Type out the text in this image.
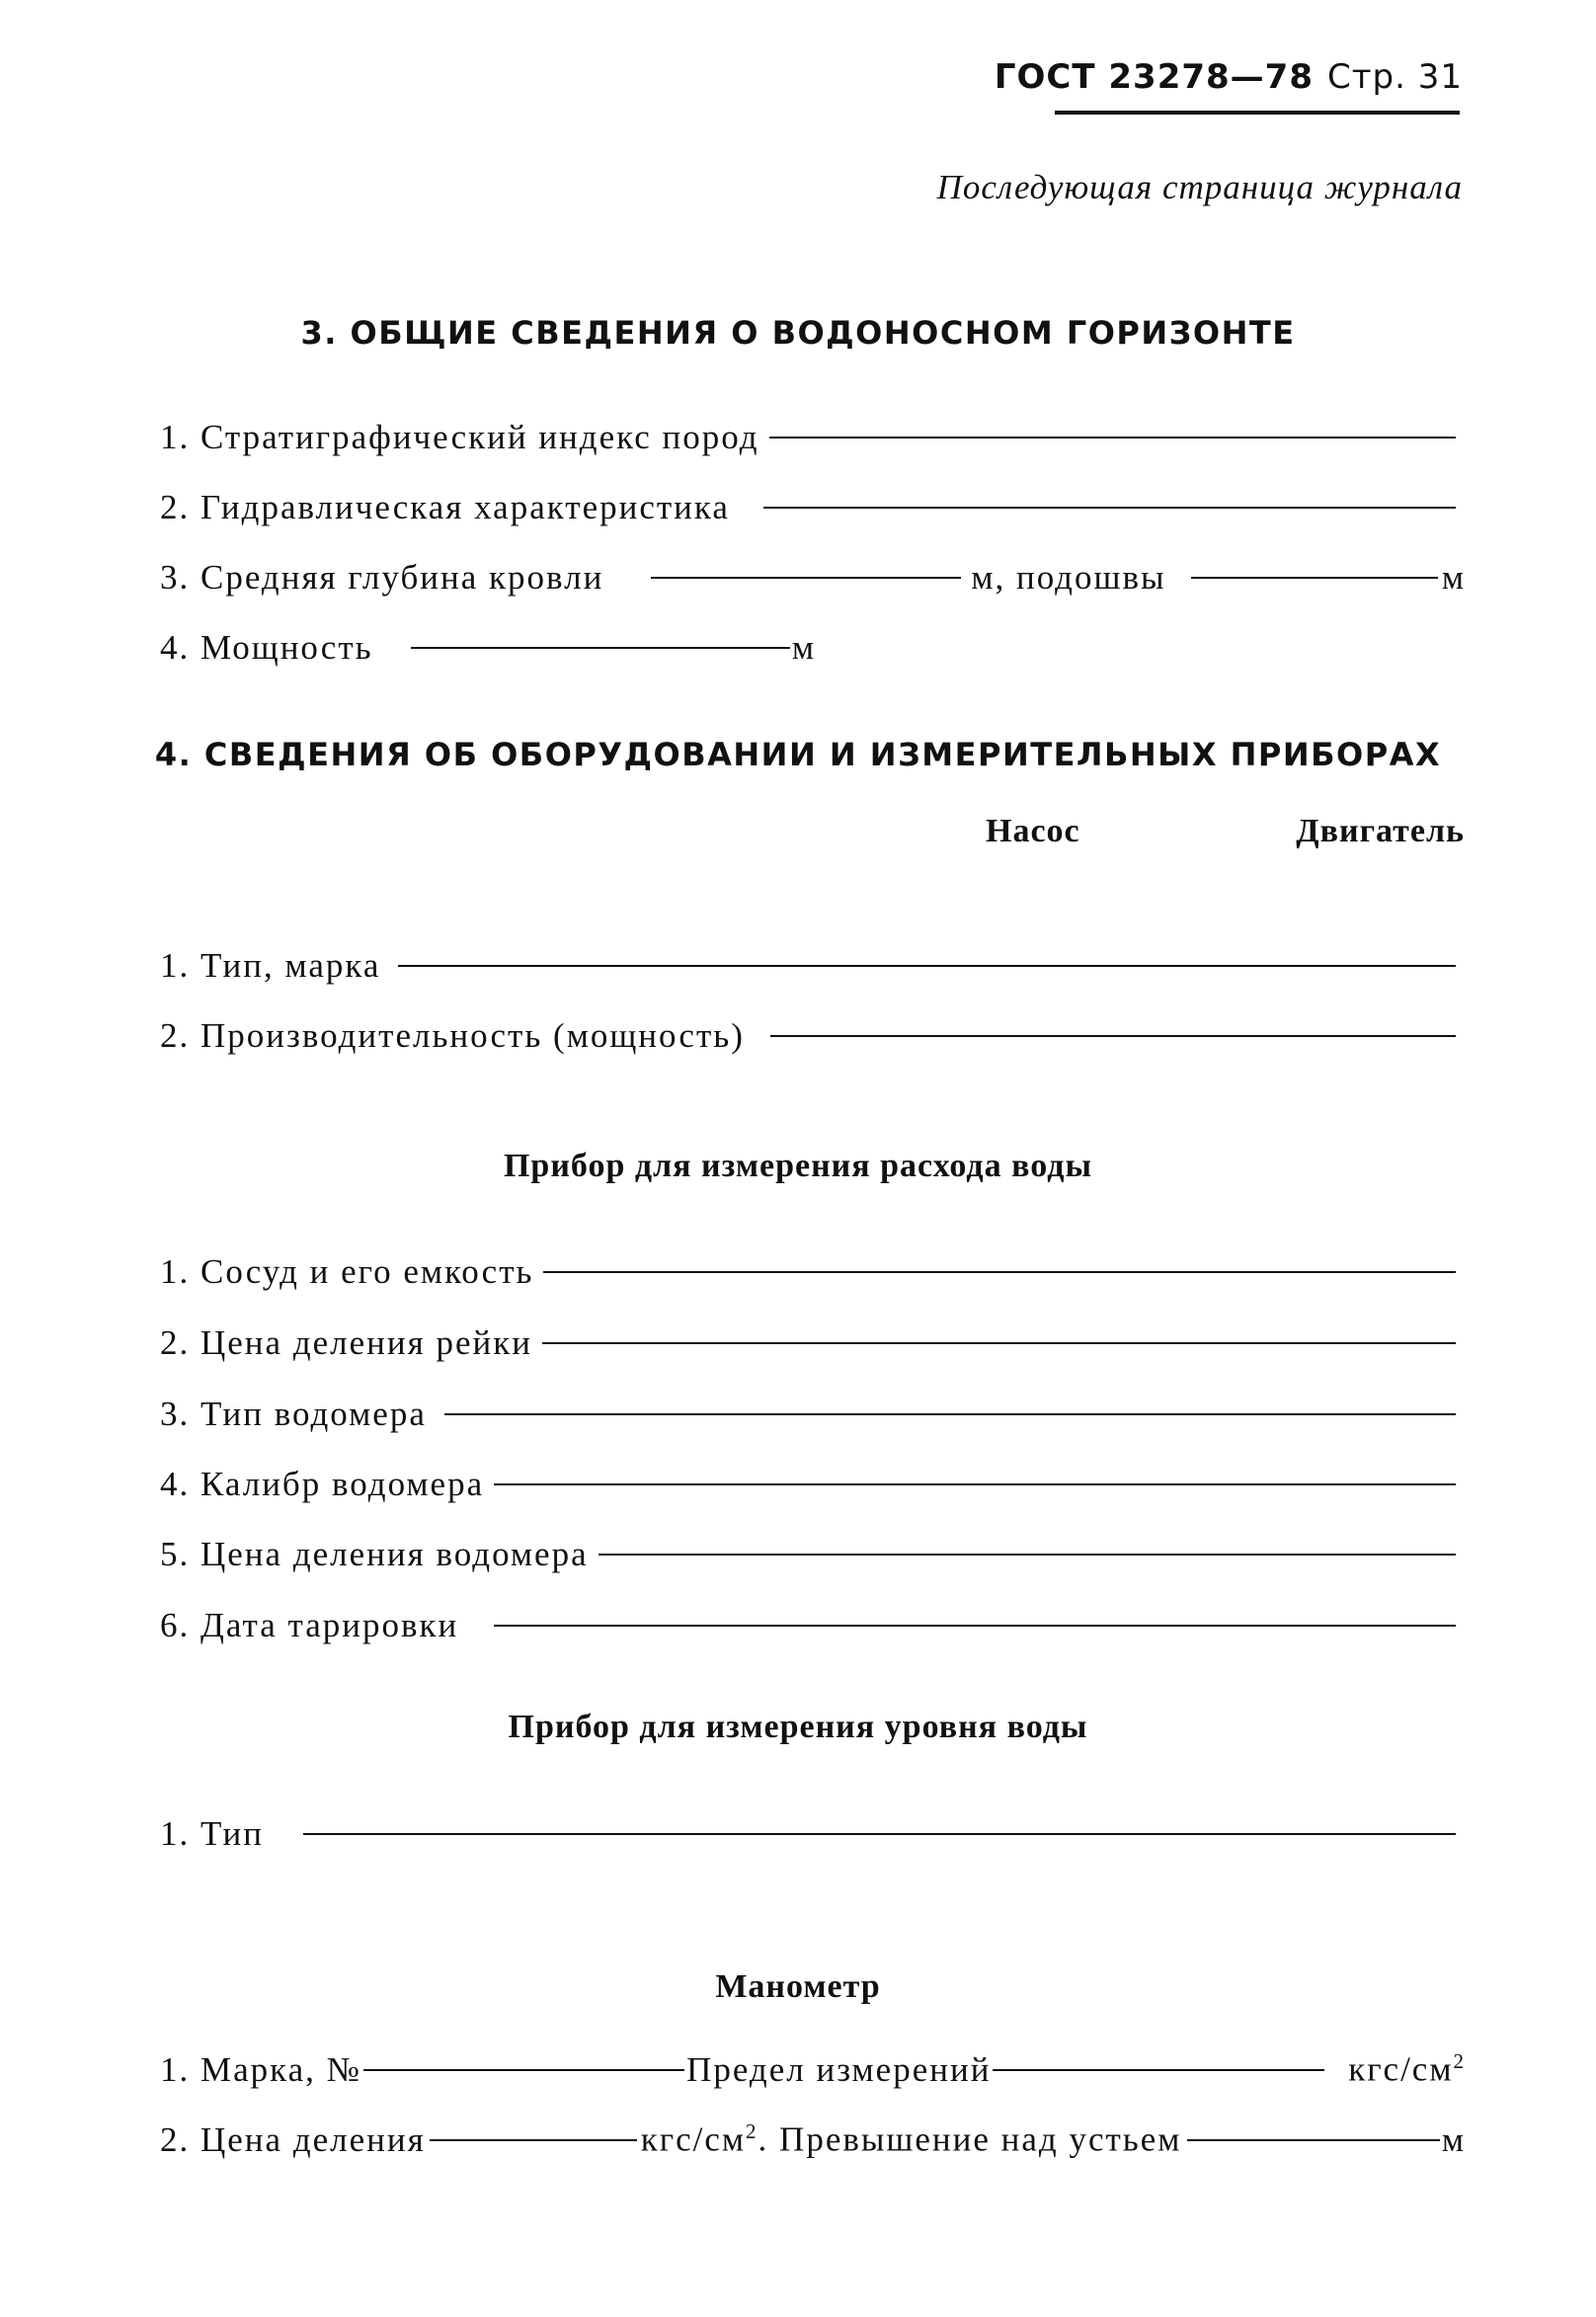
ГОСТ 23278—78 Стр. 31
Последующая страница журнала
3. ОБЩИЕ СВЕДЕНИЯ О ВОДОНОСНОМ ГОРИЗОНТЕ
1. Стратиграфический индекс пород
2. Гидравлическая характеристика
3. Средняя глубина кровли	м, подошвы	м
4. Мощность	м
4. СВЕДЕНИЯ ОБ ОБОРУДОВАНИИ И ИЗМЕРИТЕЛЬНЫХ ПРИБОРАХ
Насос	Двигатель
1. Тип, марка
2. Производительность (мощность)
Прибор для измерения расхода воды
1. Сосуд и его емкость
2. Цена деления рейки
3. Тип водомера
4. Калибр водомера
5. Цена деления водомера
6. Дата тарировки
Прибор для измерения уровня воды
1. Тип
Манометр
1. Марка, №	Предел измерений	кгс/$см^2$
2. Цена деления	кгс/$см^2$. Превышение над устьем	м
